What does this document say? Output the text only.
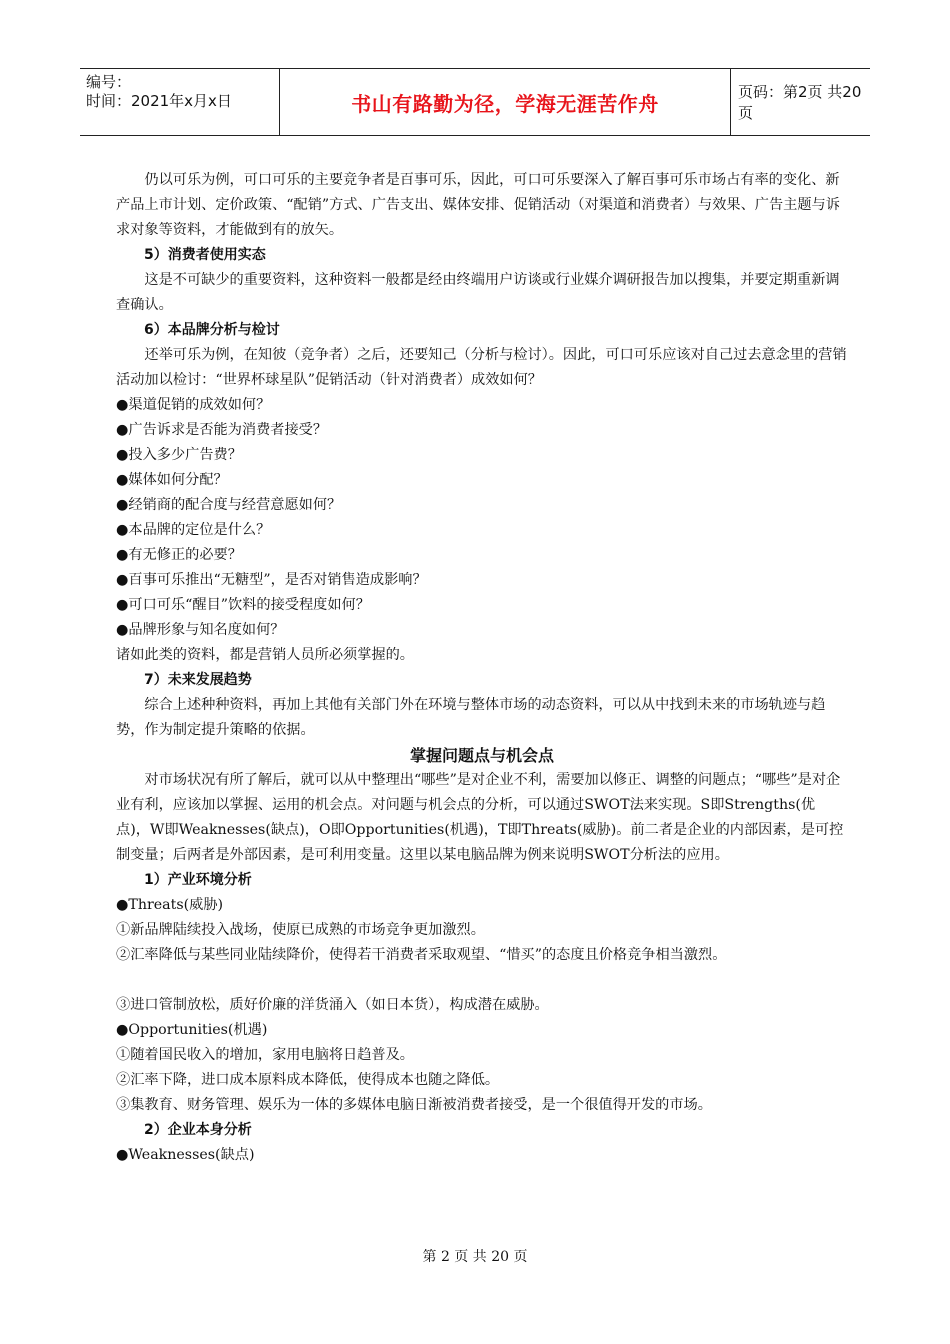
编号：
时间：2021年x月x日	书山有路勤为径，学海无涯苦作舟	页码：第2页 共20页

仍以可乐为例，可口可乐的主要竞争者是百事可乐，因此，可口可乐要深入了解百事可乐市场占有率的变化、新产品上市计划、定价政策、“配销”方式、广告支出、媒体安排、促销活动（对渠道和消费者）与效果、广告主题与诉求对象等资料，才能做到有的放矢。

5）消费者使用实态

这是不可缺少的重要资料，这种资料一般都是经由终端用户访谈或行业媒介调研报告加以搜集，并要定期重新调查确认。

6）本品牌分析与检讨

还举可乐为例，在知彼（竞争者）之后，还要知己（分析与检讨）。因此，可口可乐应该对自己过去意念里的营销活动加以检讨：“世界杯球星队”促销活动（针对消费者）成效如何？

●渠道促销的成效如何？

●广告诉求是否能为消费者接受？

●投入多少广告费？

●媒体如何分配？

●经销商的配合度与经营意愿如何？

●本品牌的定位是什么？

●有无修正的必要？

●百事可乐推出“无糖型”，是否对销售造成影响？

●可口可乐“醒目”饮料的接受程度如何？

●品牌形象与知名度如何？

诸如此类的资料，都是营销人员所必须掌握的。

7）未来发展趋势

综合上述种种资料，再加上其他有关部门外在环境与整体市场的动态资料，可以从中找到未来的市场轨迹与趋势，作为制定提升策略的依据。

掌握问题点与机会点

对市场状况有所了解后，就可以从中整理出“哪些”是对企业不利，需要加以修正、调整的问题点；“哪些”是对企业有利，应该加以掌握、运用的机会点。对问题与机会点的分析，可以通过SWOT法来实现。S即Strengths(优点)，W即Weaknesses(缺点)，O即Opportunities(机遇)，T即Threats(威胁)。前二者是企业的内部因素，是可控制变量；后两者是外部因素，是可利用变量。这里以某电脑品牌为例来说明SWOT分析法的应用。

1）产业环境分析

●Threats(威胁)

①新品牌陆续投入战场，使原已成熟的市场竞争更加激烈。

②汇率降低与某些同业陆续降价，使得若干消费者采取观望、“惜买”的态度且价格竞争相当激烈。

③进口管制放松，质好价廉的洋货涌入（如日本货），构成潜在威胁。

●Opportunities(机遇)

①随着国民收入的增加，家用电脑将日趋普及。

②汇率下降，进口成本原料成本降低，使得成本也随之降低。

③集教育、财务管理、娱乐为一体的多媒体电脑日渐被消费者接受，是一个很值得开发的市场。

2）企业本身分析

●Weaknesses(缺点)

第 2 页 共 20 页
